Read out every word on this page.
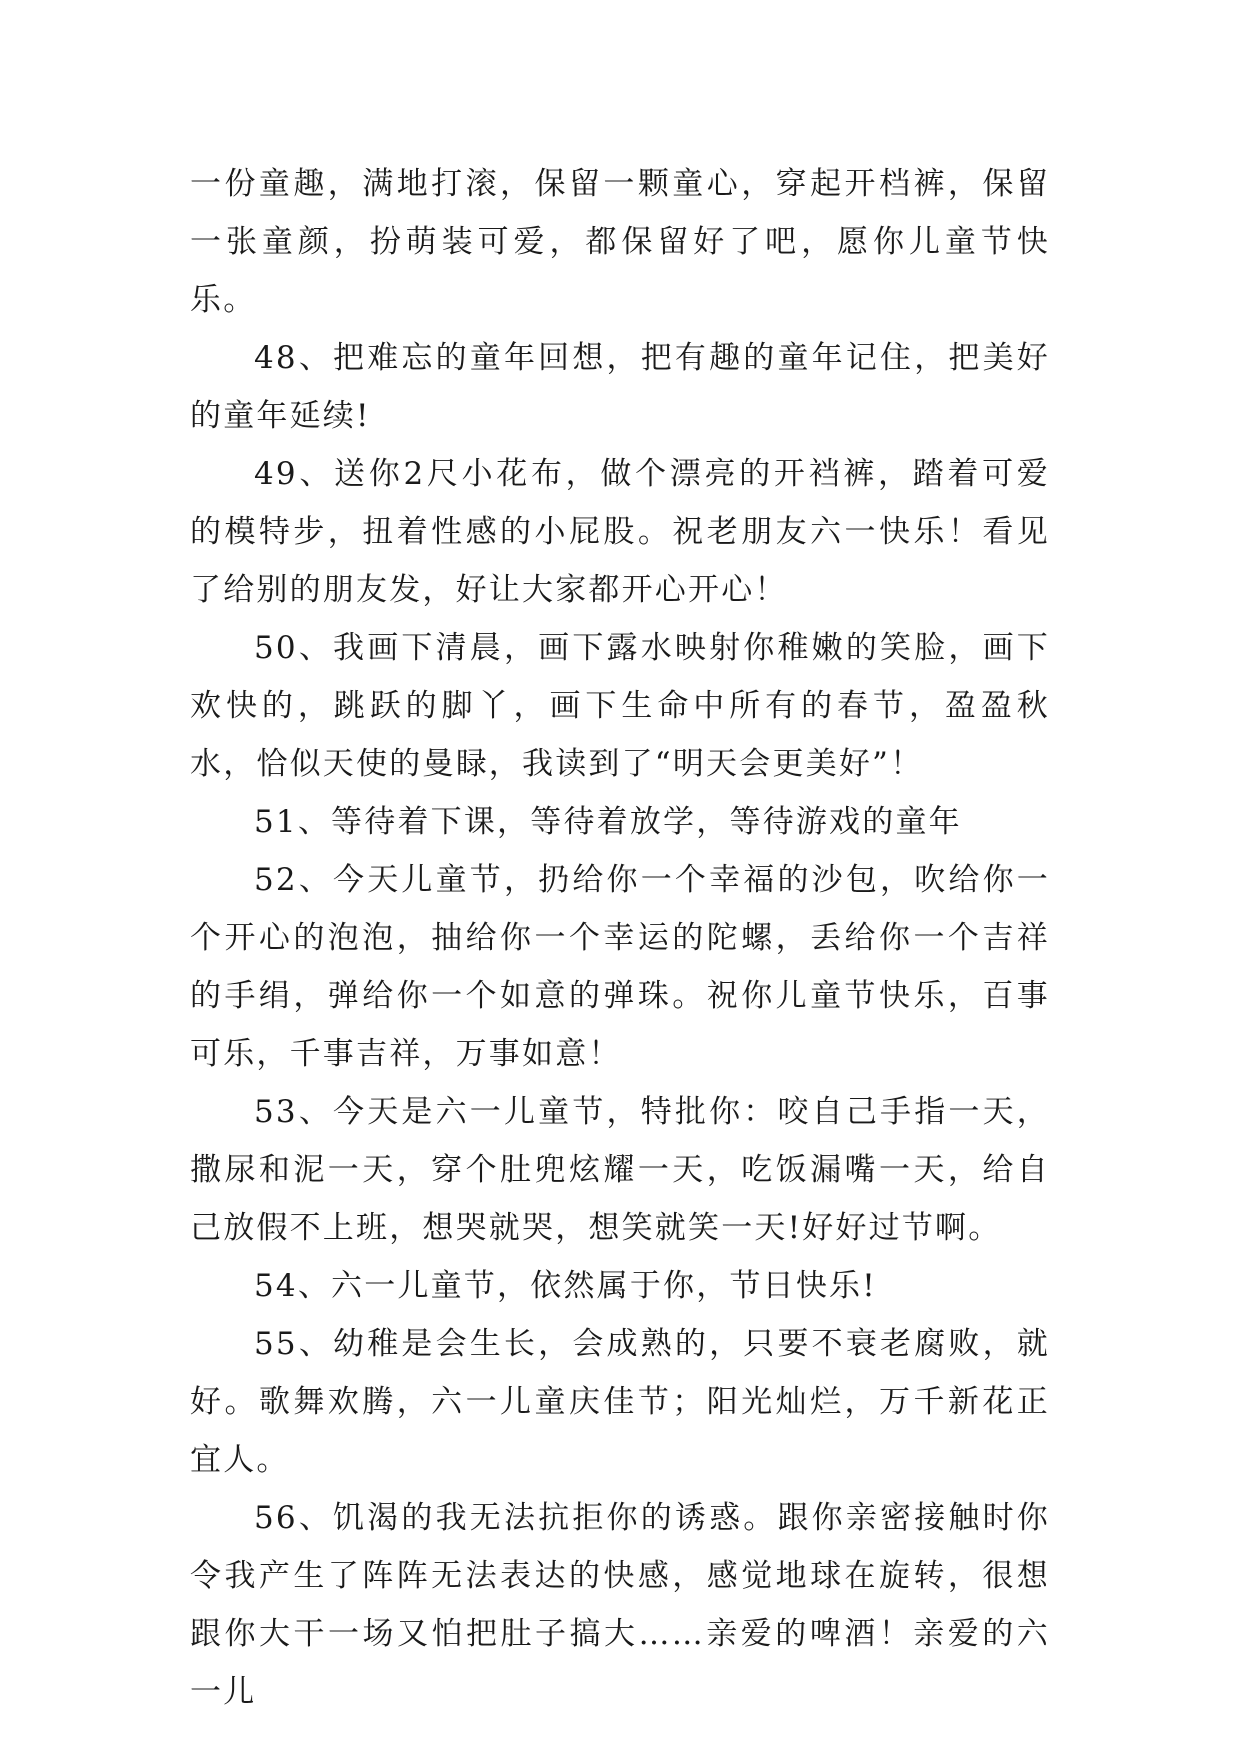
一份童趣，满地打滚，保留一颗童心，穿起开档裤，保留一张童颜，扮萌装可爱，都保留好了吧，愿你儿童节快乐。

48、把难忘的童年回想，把有趣的童年记住，把美好的童年延续!

49、送你2尺小花布，做个漂亮的开裆裤，踏着可爱的模特步，扭着性感的小屁股。祝老朋友六一快乐！看见了给别的朋友发，好让大家都开心开心！

50、我画下清晨，画下露水映射你稚嫩的笑脸，画下欢快的，跳跃的脚丫，画下生命中所有的春节，盈盈秋水，恰似天使的曼睩，我读到了“明天会更美好”！

51、等待着下课，等待着放学，等待游戏的童年

52、今天儿童节，扔给你一个幸福的沙包，吹给你一个开心的泡泡，抽给你一个幸运的陀螺，丢给你一个吉祥的手绢，弹给你一个如意的弹珠。祝你儿童节快乐，百事可乐，千事吉祥，万事如意！

53、今天是六一儿童节，特批你：咬自己手指一天，撒尿和泥一天，穿个肚兜炫耀一天，吃饭漏嘴一天，给自己放假不上班，想哭就哭，想笑就笑一天!好好过节啊。

54、六一儿童节，依然属于你，节日快乐!

55、幼稚是会生长，会成熟的，只要不衰老腐败，就好。歌舞欢腾，六一儿童庆佳节；阳光灿烂，万千新花正宜人。

56、饥渴的我无法抗拒你的诱惑。跟你亲密接触时你令我产生了阵阵无法表达的快感，感觉地球在旋转，很想跟你大干一场又怕把肚子搞大……亲爱的啤酒！亲爱的六一儿
